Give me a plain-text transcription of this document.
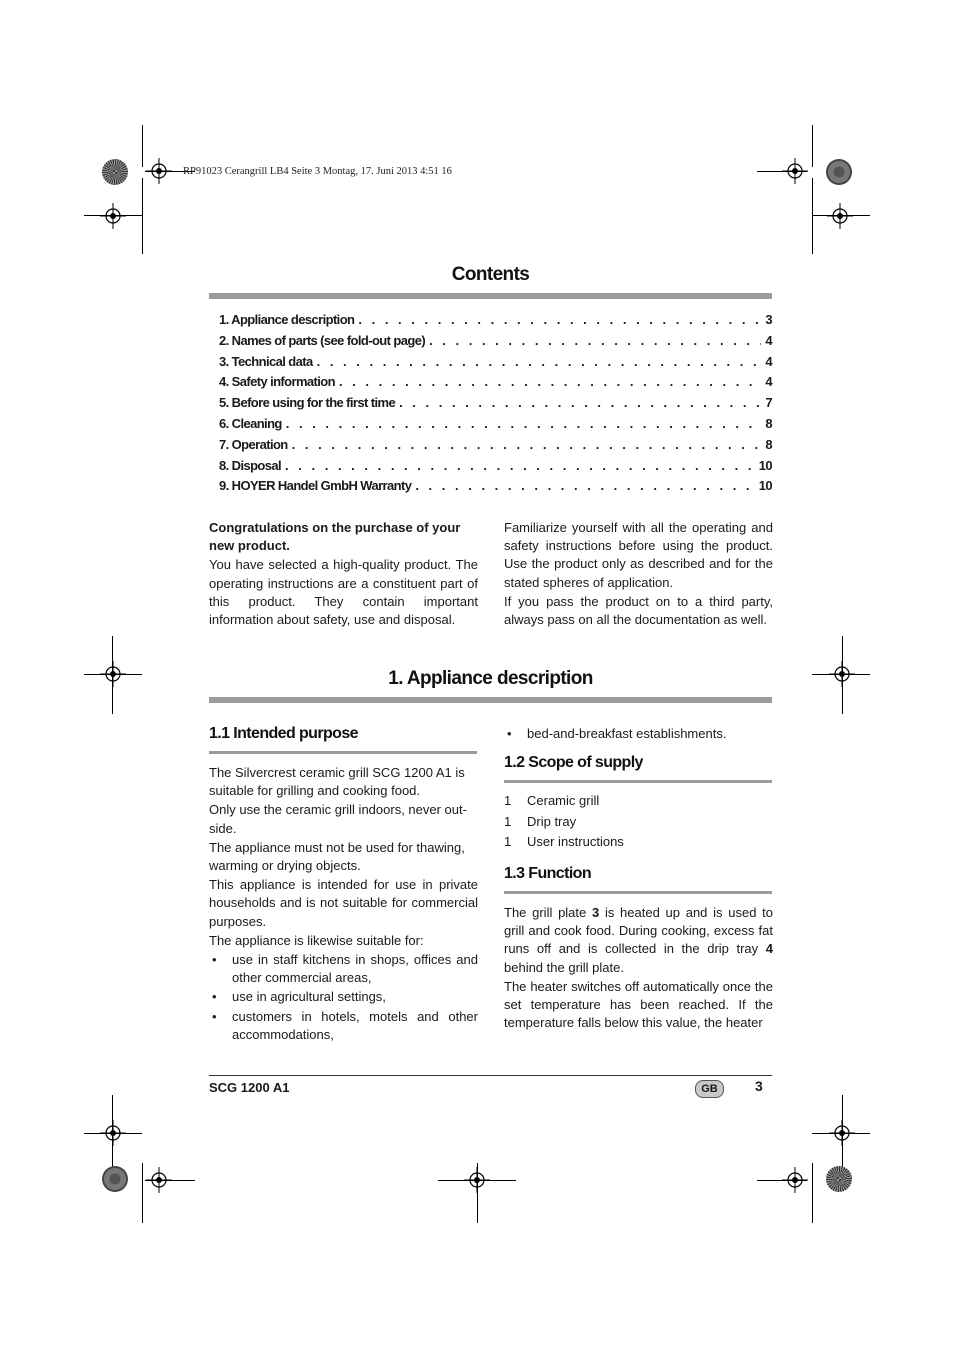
RP91023 Cerangrill LB4 Seite 3 Montag, 17. Juni 2013 4:51 16
Contents
1. Appliance description . . .	3
2. Names of parts (see fold-out page) . . .	4
3. Technical data . . .	4
4. Safety information . . .	4
5. Before using for the first time . . .	7
6. Cleaning . . .	8
7. Operation . . .	8
8. Disposal . . .	10
9. HOYER Handel GmbH Warranty . . .	10

Congratulations on the purchase of your new product.

You have selected a high-quality product. The operating instructions are a constituent part of this product. They contain important information about safety, use and disposal.

Familiarize yourself with all the operating and safety instructions before using the product. Use the product only as described and for the stated spheres of application.

If you pass the product on to a third party, always pass on all the documentation as well.

1. Appliance description
1.1 Intended purpose

The Silvercrest ceramic grill SCG 1200 A1 is suitable for grilling and cooking food.

Only use the ceramic grill indoors, never out-side.

The appliance must not be used for thawing, warming or drying objects.

This appliance is intended for use in private households and is not suitable for commercial purposes.

The appliance is likewise suitable for:

• use in staff kitchens in shops, offices and other commercial areas,
• use in agricultural settings,
• customers in hotels, motels and other accommodations,
• bed-and-breakfast establishments.
1.2 Scope of supply
1	Ceramic grill
1	Drip tray
1	User instructions
1.3 Function

The grill plate 3 is heated up and is used to grill and cook food. During cooking, excess fat runs off and is collected in the drip tray 4 behind the grill plate.

The heater switches off automatically once the set temperature has been reached. If the temperature falls below this value, the heater

SCG 1200 A1	GB	3
